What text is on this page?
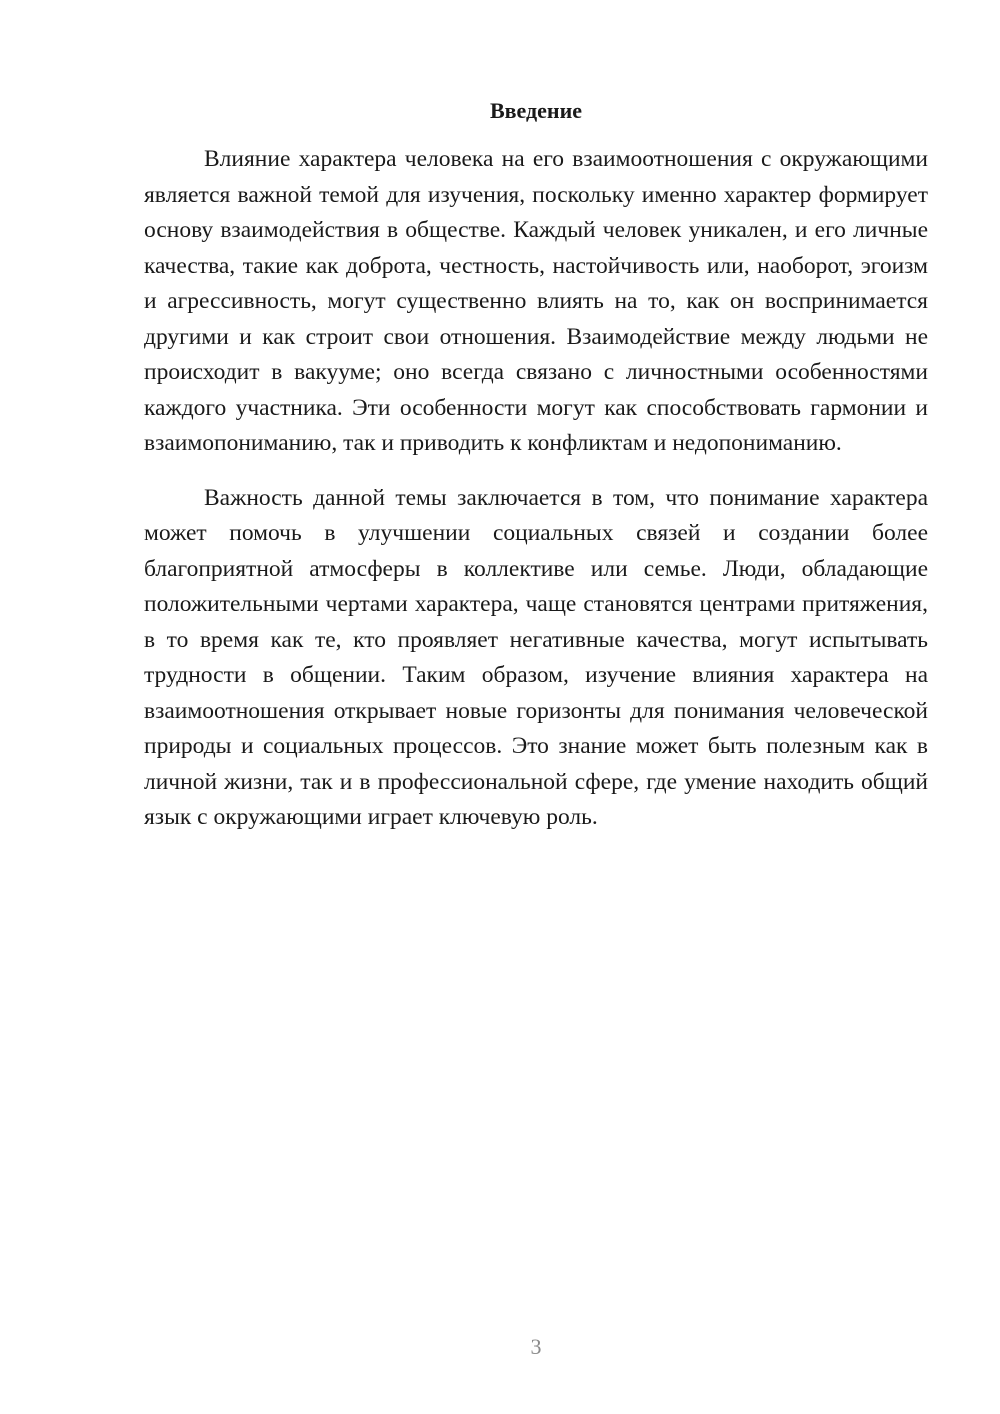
Введение

Влияние характера человека на его взаимоотношения с окружающими является важной темой для изучения, поскольку именно характер формирует основу взаимодействия в обществе. Каждый человек уникален, и его личные качества, такие как доброта, честность, настойчивость или, наоборот, эгоизм и агрессивность, могут существенно влиять на то, как он воспринимается другими и как строит свои отношения. Взаимодействие между людьми не происходит в вакууме; оно всегда связано с личностными особенностями каждого участника. Эти особенности могут как способствовать гармонии и взаимопониманию, так и приводить к конфликтам и недопониманию.

Важность данной темы заключается в том, что понимание характера может помочь в улучшении социальных связей и создании более благоприятной атмосферы в коллективе или семье. Люди, обладающие положительными чертами характера, чаще становятся центрами притяжения, в то время как те, кто проявляет негативные качества, могут испытывать трудности в общении. Таким образом, изучение влияния характера на взаимоотношения открывает новые горизонты для понимания человеческой природы и социальных процессов. Это знание может быть полезным как в личной жизни, так и в профессиональной сфере, где умение находить общий язык с окружающими играет ключевую роль.

3
